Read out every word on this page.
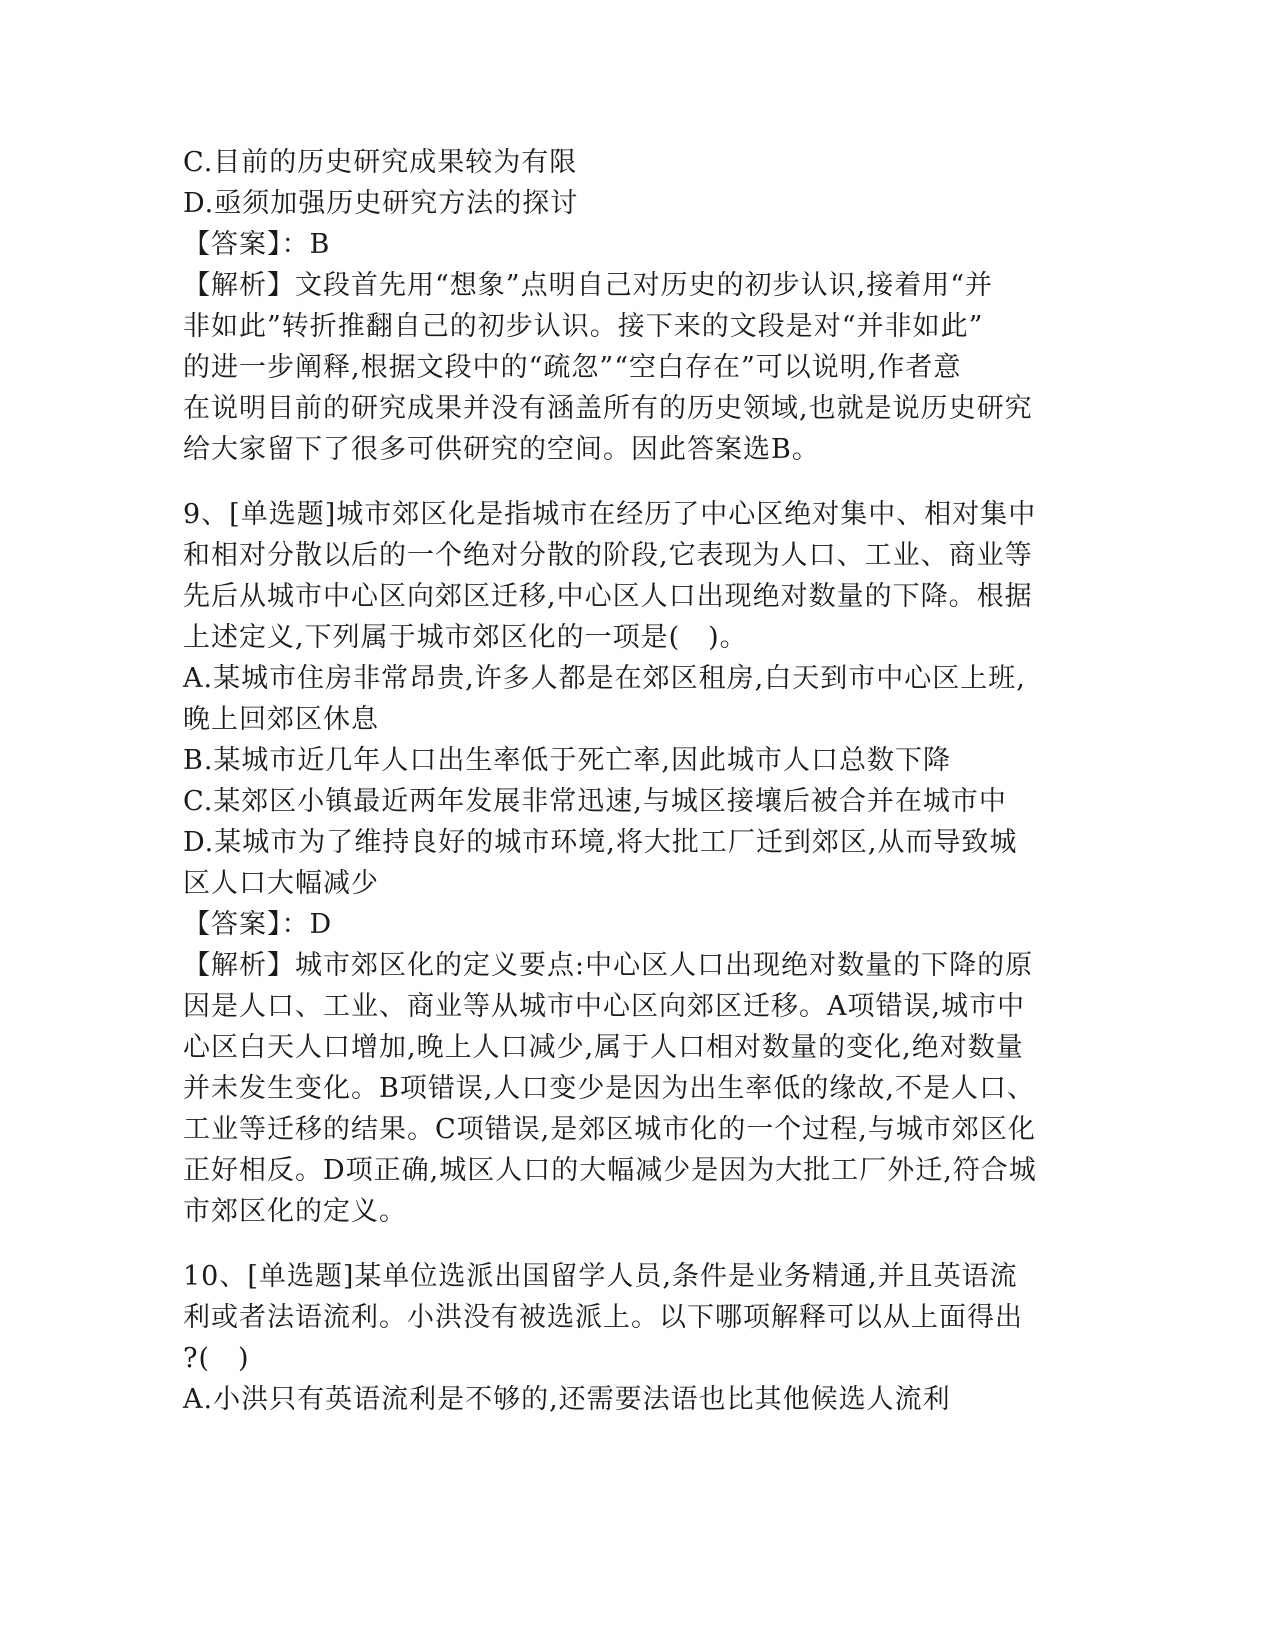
C.目前的历史研究成果较为有限
D.亟须加强历史研究方法的探讨
【答案】：B
【解析】文段首先用“想象”点明自己对历史的初步认识,接着用“并
非如此”转折推翻自己的初步认识。接下来的文段是对“并非如此”
的进一步阐释,根据文段中的“疏忽”“空白存在”可以说明,作者意
在说明目前的研究成果并没有涵盖所有的历史领域,也就是说历史研究
给大家留下了很多可供研究的空间。因此答案选B。
9、[单选题]城市郊区化是指城市在经历了中心区绝对集中、相对集中
和相对分散以后的一个绝对分散的阶段,它表现为人口、工业、商业等
先后从城市中心区向郊区迁移,中心区人口出现绝对数量的下降。根据
上述定义,下列属于城市郊区化的一项是(　)。
A.某城市住房非常昂贵,许多人都是在郊区租房,白天到市中心区上班,
晚上回郊区休息
B.某城市近几年人口出生率低于死亡率,因此城市人口总数下降
C.某郊区小镇最近两年发展非常迅速,与城区接壤后被合并在城市中
D.某城市为了维持良好的城市环境,将大批工厂迁到郊区,从而导致城
区人口大幅减少
【答案】：D
【解析】城市郊区化的定义要点:中心区人口出现绝对数量的下降的原
因是人口、工业、商业等从城市中心区向郊区迁移。A项错误,城市中
心区白天人口增加,晚上人口减少,属于人口相对数量的变化,绝对数量
并未发生变化。B项错误,人口变少是因为出生率低的缘故,不是人口、
工业等迁移的结果。C项错误,是郊区城市化的一个过程,与城市郊区化
正好相反。D项正确,城区人口的大幅减少是因为大批工厂外迁,符合城
市郊区化的定义。
10、[单选题]某单位选派出国留学人员,条件是业务精通,并且英语流
利或者法语流利。小洪没有被选派上。以下哪项解释可以从上面得出
?(　)
A.小洪只有英语流利是不够的,还需要法语也比其他候选人流利
